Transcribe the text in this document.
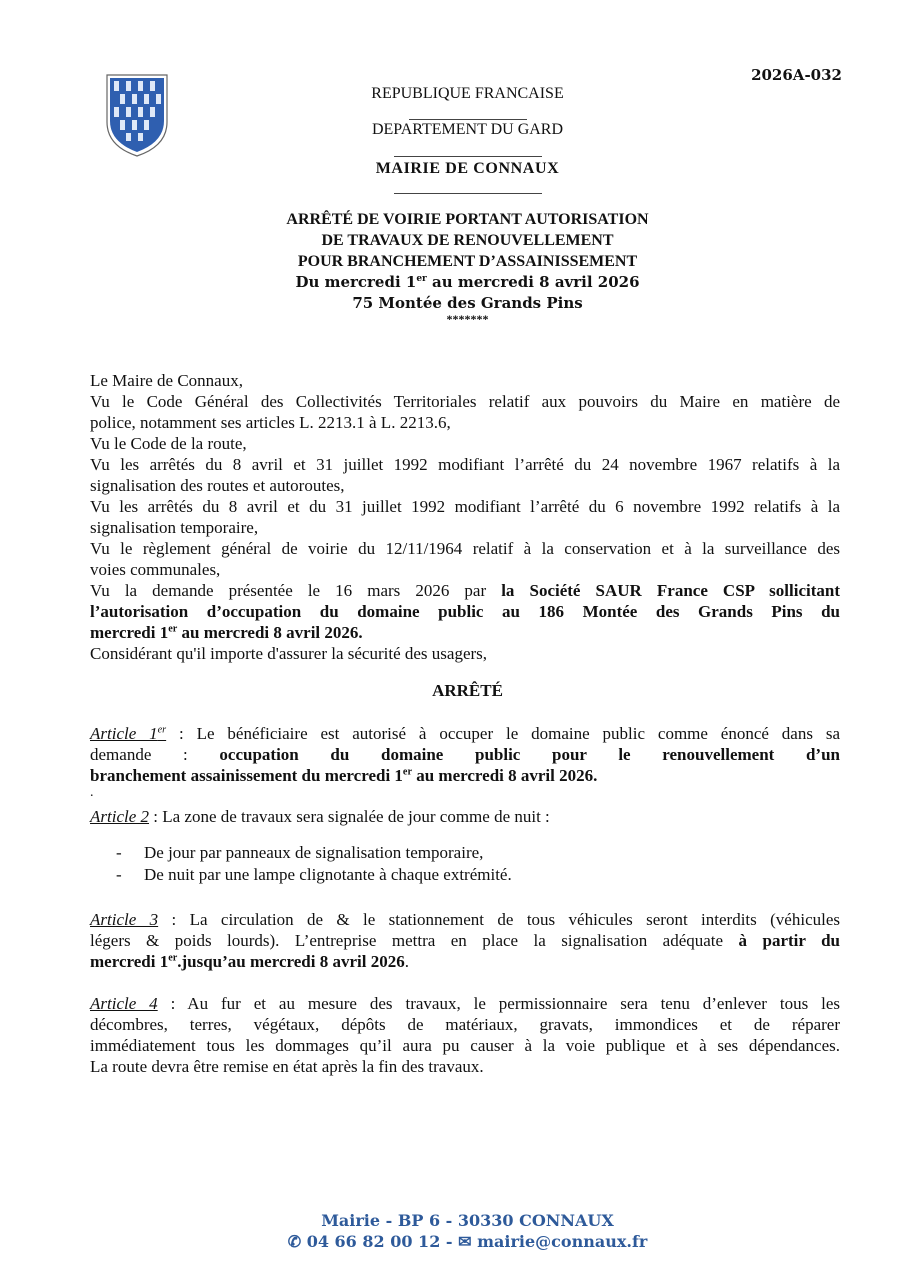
2026A-032
REPUBLIQUE FRANCAISE
DEPARTEMENT DU GARD
MAIRIE DE CONNAUX
ARRÊTÉ DE VOIRIE PORTANT AUTORISATION
DE TRAVAUX DE RENOUVELLEMENT
POUR BRANCHEMENT D’ASSAINISSEMENT
Du mercredi 1er au mercredi 8 avril 2026
75 Montée des Grands Pins
*******
Le Maire de Connaux,
Vu le Code Général des Collectivités Territoriales relatif aux pouvoirs du Maire en matière de
police, notamment ses articles L. 2213.1 à L. 2213.6,
Vu le Code de la route,
Vu les arrêtés du 8 avril et 31 juillet 1992 modifiant l’arrêté du 24 novembre 1967 relatifs à la
signalisation des routes et autoroutes,
Vu les arrêtés du 8 avril et du 31 juillet 1992 modifiant l’arrêté du 6 novembre 1992 relatifs à la
signalisation temporaire,
Vu le règlement général de voirie du 12/11/1964 relatif à la conservation et à la surveillance des
voies communales,
Vu la demande présentée le 16 mars 2026 par la Société SAUR France CSP sollicitant
l’autorisation d’occupation du domaine public au 186 Montée des Grands Pins du
mercredi 1er au mercredi 8 avril 2026.
Considérant qu'il importe d'assurer la sécurité des usagers,
ARRÊTÉ
Article 1er : Le bénéficiaire est autorisé à occuper le domaine public comme énoncé dans sa
demande : occupation du domaine public pour le renouvellement d’un
branchement assainissement du mercredi 1er au mercredi 8 avril 2026.
.
Article 2 : La zone de travaux sera signalée de jour comme de nuit :
- De jour par panneaux de signalisation temporaire,
- De nuit par une lampe clignotante à chaque extrémité.
Article 3 : La circulation de & le stationnement de tous véhicules seront interdits (véhicules
légers & poids lourds). L’entreprise mettra en place la signalisation adéquate à partir du
mercredi 1er.jusqu’au mercredi 8 avril 2026.
Article 4 : Au fur et au mesure des travaux, le permissionnaire sera tenu d’enlever tous les
décombres, terres, végétaux, dépôts de matériaux, gravats, immondices et de réparer
immédiatement tous les dommages qu’il aura pu causer à la voie publique et à ses dépendances.
La route devra être remise en état après la fin des travaux.
Mairie - BP 6 - 30330 CONNAUX
✆ 04 66 82 00 12 - ✉ mairie@connaux.fr
